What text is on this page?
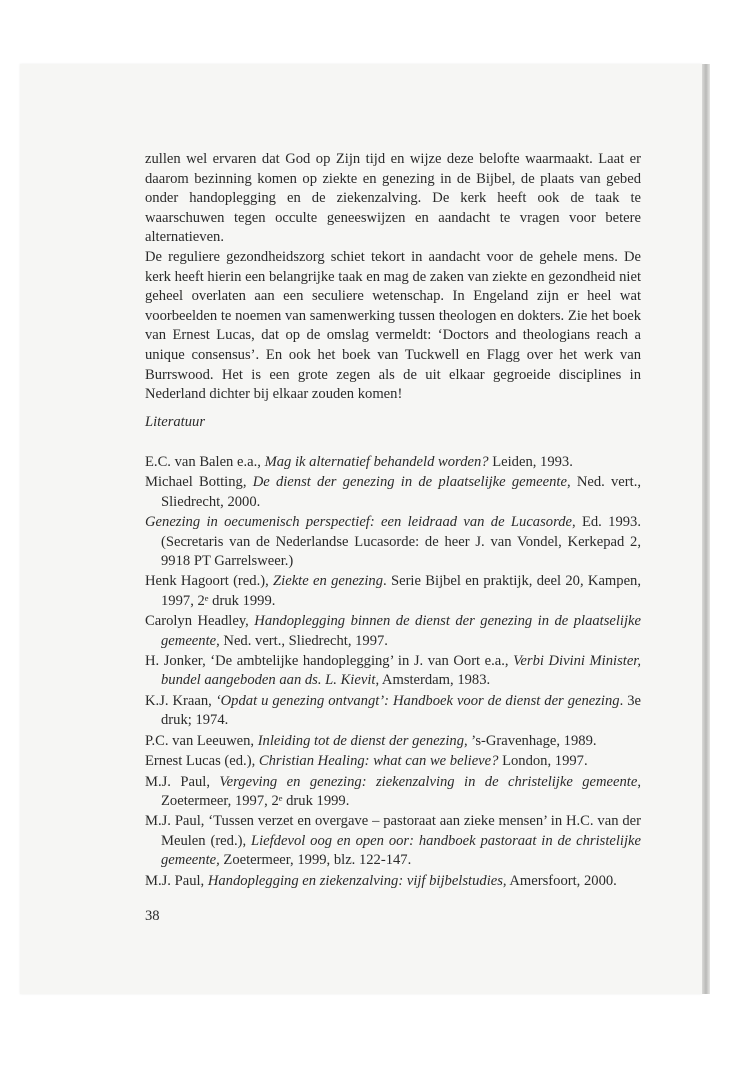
zullen wel ervaren dat God op Zijn tijd en wijze deze belofte waarmaakt. Laat er daarom bezinning komen op ziekte en genezing in de Bijbel, de plaats van gebed onder handoplegging en de ziekenzalving. De kerk heeft ook de taak te waarschuwen tegen occulte geneeswijzen en aandacht te vragen voor betere alternatieven.

De reguliere gezondheidszorg schiet tekort in aandacht voor de gehele mens. De kerk heeft hierin een belangrijke taak en mag de zaken van ziekte en gezondheid niet geheel overlaten aan een seculiere wetenschap. In Engeland zijn er heel wat voorbeelden te noemen van samenwerking tussen theologen en dokters. Zie het boek van Ernest Lucas, dat op de omslag vermeldt: ‘Doctors and theologians reach a unique consensus’. En ook het boek van Tuckwell en Flagg over het werk van Burrswood. Het is een grote zegen als de uit elkaar gegroeide disciplines in Nederland dichter bij elkaar zouden komen!

Literatuur

E.C. van Balen e.a., Mag ik alternatief behandeld worden? Leiden, 1993.
Michael Botting, De dienst der genezing in de plaatselijke gemeente, Ned. vert., Sliedrecht, 2000.
Genezing in oecumenisch perspectief: een leidraad van de Lucasorde, Ed. 1993. (Secretaris van de Nederlandse Lucasorde: de heer J. van Vondel, Kerkepad 2, 9918 PT Garrelsweer.)
Henk Hagoort (red.), Ziekte en genezing. Serie Bijbel en praktijk, deel 20, Kampen, 1997, 2ᵉ druk 1999.
Carolyn Headley, Handoplegging binnen de dienst der genezing in de plaatselijke gemeente, Ned. vert., Sliedrecht, 1997.
H. Jonker, ‘De ambtelijke handoplegging’ in J. van Oort e.a., Verbi Divini Minister, bundel aangeboden aan ds. L. Kievit, Amsterdam, 1983.
K.J. Kraan, ‘Opdat u genezing ontvangt’: Handboek voor de dienst der genezing. 3e druk; 1974.
P.C. van Leeuwen, Inleiding tot de dienst der genezing, ’s-Gravenhage, 1989.
Ernest Lucas (ed.), Christian Healing: what can we believe? London, 1997.
M.J. Paul, Vergeving en genezing: ziekenzalving in de christelijke gemeente, Zoetermeer, 1997, 2ᵉ druk 1999.
M.J. Paul, ‘Tussen verzet en overgave – pastoraat aan zieke mensen’ in H.C. van der Meulen (red.), Liefdevol oog en open oor: handboek pastoraat in de christelijke gemeente, Zoetermeer, 1999, blz. 122-147.
M.J. Paul, Handoplegging en ziekenzalving: vijf bijbelstudies, Amersfoort, 2000.
38
